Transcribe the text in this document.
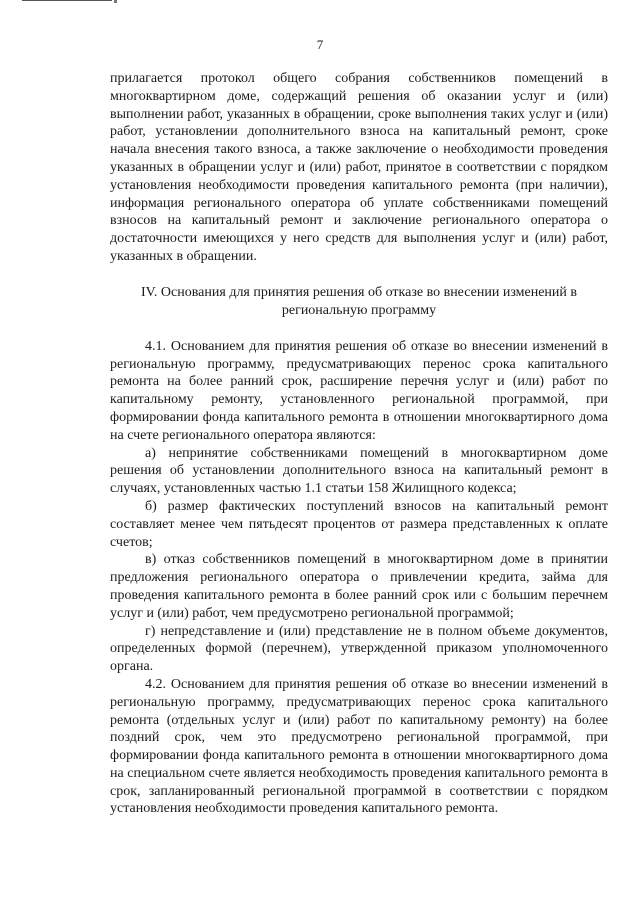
7

прилагается протокол общего собрания собственников помещений в многоквартирном доме, содержащий решения об оказании услуг и (или) выполнении работ, указанных в обращении, сроке выполнения таких услуг и (или) работ, установлении дополнительного взноса на капитальный ремонт, сроке начала внесения такого взноса, а также заключение о необходимости проведения указанных в обращении услуг и (или) работ, принятое в соответствии с порядком установления необходимости проведения капитального ремонта (при наличии), информация регионального оператора об уплате собственниками помещений взносов на капитальный ремонт и заключение регионального оператора о достаточности имеющихся у него средств для выполнения услуг и (или) работ, указанных в обращении.

IV. Основания для принятия решения об отказе во внесении изменений в региональную программу

4.1. Основанием для принятия решения об отказе во внесении изменений в региональную программу, предусматривающих перенос срока капитального ремонта на более ранний срок, расширение перечня услуг и (или) работ по капитальному ремонту, установленного региональной программой, при формировании фонда капитального ремонта в отношении многоквартирного дома на счете регионального оператора являются:

а) непринятие собственниками помещений в многоквартирном доме решения об установлении дополнительного взноса на капитальный ремонт в случаях, установленных частью 1.1 статьи 158 Жилищного кодекса;

б) размер фактических поступлений взносов на капитальный ремонт составляет менее чем пятьдесят процентов от размера представленных к оплате счетов;

в) отказ собственников помещений в многоквартирном доме в принятии предложения регионального оператора о привлечении кредита, займа для проведения капитального ремонта в более ранний срок или с большим перечнем услуг и (или) работ, чем предусмотрено региональной программой;

г) непредставление и (или) представление не в полном объеме документов, определенных формой (перечнем), утвержденной приказом уполномоченного органа.

4.2. Основанием для принятия решения об отказе во внесении изменений в региональную программу, предусматривающих перенос срока капитального ремонта (отдельных услуг и (или) работ по капитальному ремонту) на более поздний срок, чем это предусмотрено региональной программой, при формировании фонда капитального ремонта в отношении многоквартирного дома на специальном счете является необходимость проведения капитального ремонта в срок, запланированный региональной программой в соответствии с порядком установления необходимости проведения капитального ремонта.
